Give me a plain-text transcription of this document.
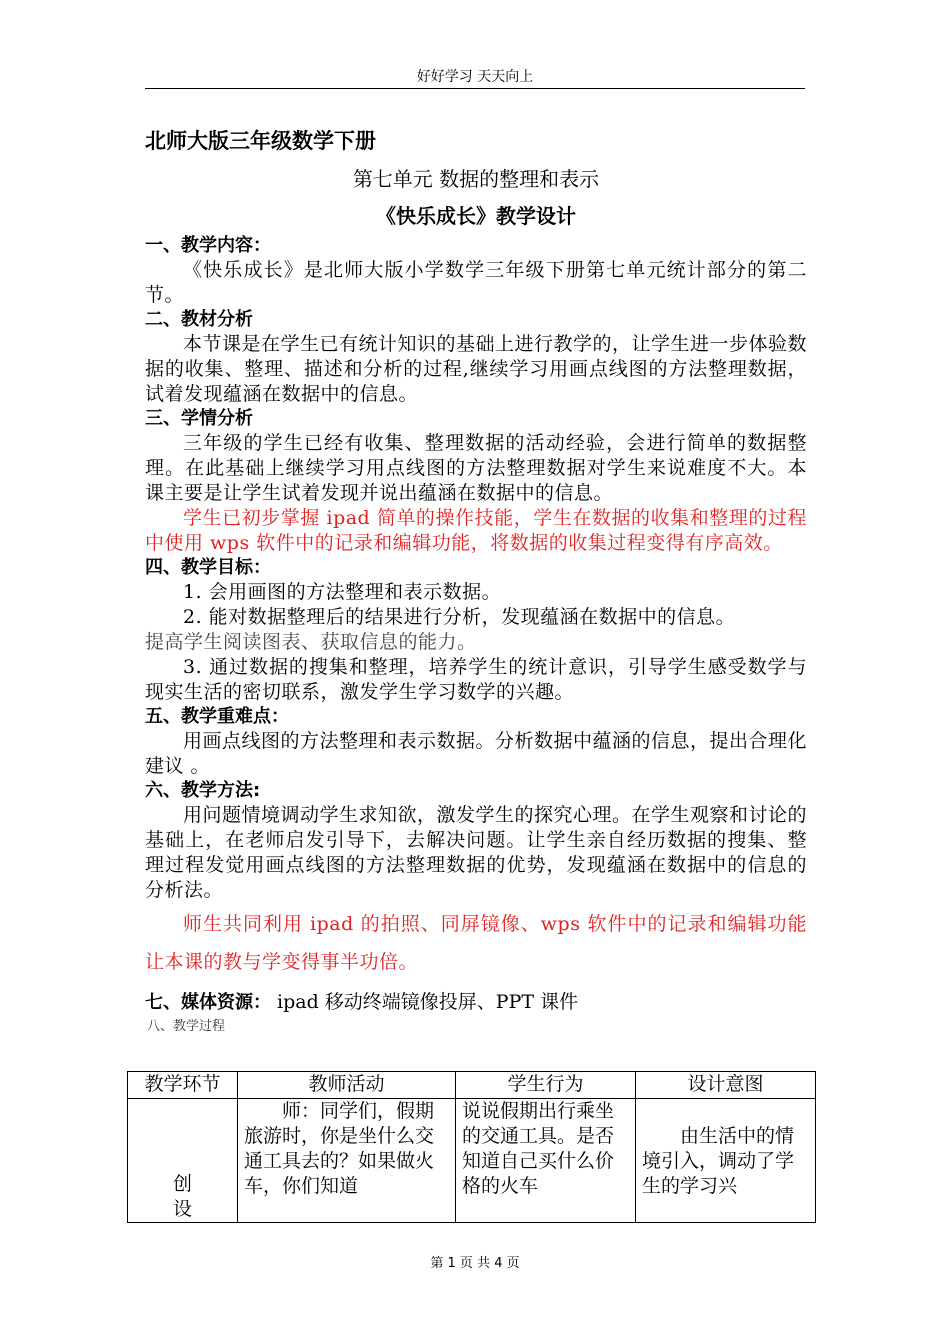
好好学习 天天向上
北师大版三年级数学下册
第七单元 数据的整理和表示
《快乐成长》教学设计
一、教学内容：
《快乐成长》是北师大版小学数学三年级下册第七单元统计部分的第二节。
二、教材分析
本节课是在学生已有统计知识的基础上进行教学的，让学生进一步体验数据的收集、整理、描述和分析的过程,继续学习用画点线图的方法整理数据，试着发现蕴涵在数据中的信息。
三、学情分析
三年级的学生已经有收集、整理数据的活动经验，会进行简单的数据整理。在此基础上继续学习用点线图的方法整理数据对学生来说难度不大。本课主要是让学生试着发现并说出蕴涵在数据中的信息。
学生已初步掌握 ipad 简单的操作技能，学生在数据的收集和整理的过程中使用 wps 软件中的记录和编辑功能，将数据的收集过程变得有序高效。
四、教学目标：
1. 会用画图的方法整理和表示数据。
2. 能对数据整理后的结果进行分析，发现蕴涵在数据中的信息。
提高学生阅读图表、获取信息的能力。
3. 通过数据的搜集和整理，培养学生的统计意识，引导学生感受数学与现实生活的密切联系，激发学生学习数学的兴趣。
五、教学重难点：
用画点线图的方法整理和表示数据。分析数据中蕴涵的信息，提出合理化建议 。
六、教学方法:
用问题情境调动学生求知欲，激发学生的探究心理。在学生观察和讨论的基础上，在老师启发引导下，去解决问题。让学生亲自经历数据的搜集、整理过程发觉用画点线图的方法整理数据的优势，发现蕴涵在数据中的信息的分析法。
师生共同利用 ipad 的拍照、同屏镜像、wps 软件中的记录和编辑功能让本课的教与学变得事半功倍。
七、媒体资源： ipad 移动终端镜像投屏、PPT 课件
八、教学过程
教学环节	教师活动	学生行为	设计意图

创
设	师：同学们，假期旅游时，你是坐什么交通工具去的？如果做火车，你们知道	说说假期出行乘坐的交通工具。是否知道自己买什么价格的火车	由生活中的情境引入，调动了学生的学习兴
第 1 页 共 4 页
